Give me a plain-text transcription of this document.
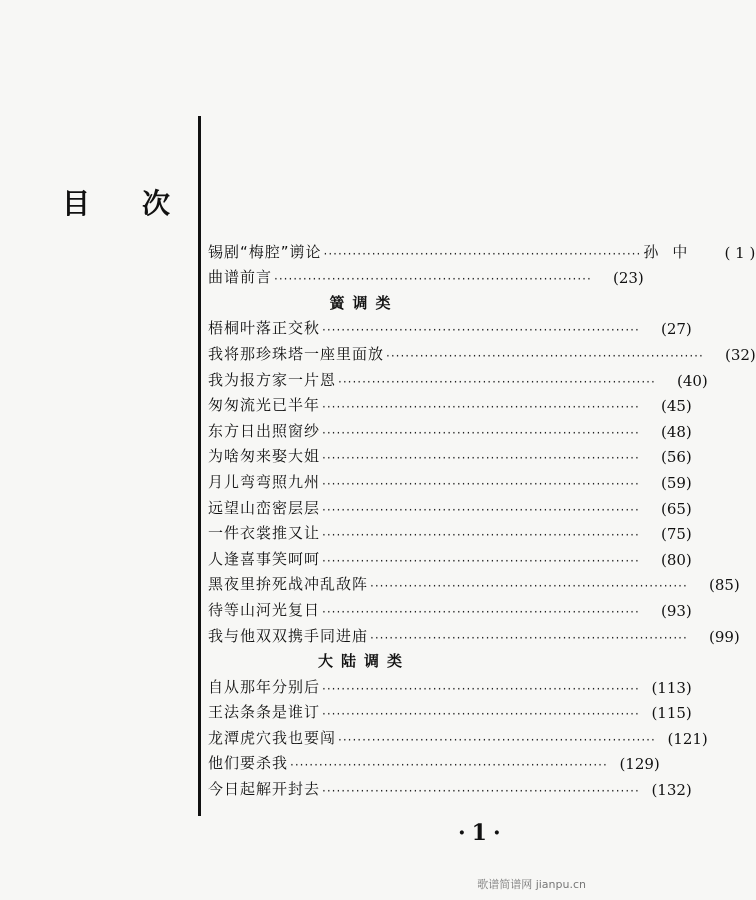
目 次
锡剧“梅腔”谫论 ·································································· 孙中	( 1 )
曲谱前言 ··································································	(23)
簧调类
梧桐叶落正交秋 ··································································	(27)
我将那珍珠塔一座里面放 ··································································	(32)
我为报方家一片恩 ··································································	(40)
匆匆流光已半年 ··································································	(45)
东方日出照窗纱 ··································································	(48)
为啥匆来娶大姐 ··································································	(56)
月儿弯弯照九州 ··································································	(59)
远望山峦密层层 ··································································	(65)
一件衣裳推又让 ··································································	(75)
人逢喜事笑呵呵 ··································································	(80)
黑夜里拚死战冲乱敌阵 ··································································	(85)
待等山河光复日 ··································································	(93)
我与他双双携手同进庙 ··································································	(99)
大陆调类
自从那年分别后 ·································································· (113)
王法条条是谁订 ·································································· (115)
龙潭虎穴我也要闯 ·································································· (121)
他们要杀我 ·································································· (129)
今日起解开封去 ·································································· (132)
·1·
歌谱简谱网 jianpu.cn
